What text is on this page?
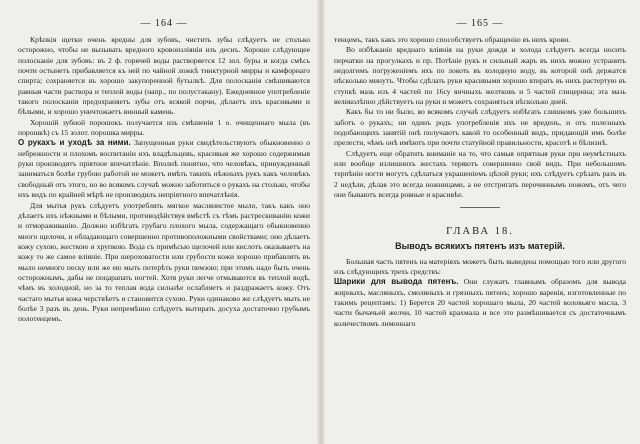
— 164 —

Крѣпкія щетки очень вредны для зубовъ, чистить зубы слѣдуетъ не столько осторожно, чтобы не вызывать вредного кровоизліянія изъ деснъ. Хорошо слѣдующее полосканіе для зубовъ: въ 2 ф. горячей воды растворяется 12 зол. буры и когда смѣсь почти остынетъ прибавляется къ ней по чайной ложкѣ тинктурной мирры и камфорнаго спирта; сохраняется въ хорошо закупоренной бутылкѣ. Для полосканія смѣшиваются равныя части раствора и теплой воды (напр., по полустакану). Ежедневное употребленіе такого полосканія предохраняетъ зубы отъ всякой порчи, дѣлаетъ ихъ красивыми и бѣлыми, и хорошо уничтожаетъ винный камень.

Хорошій зубной порошокъ получается изъ смѣшенія 1 о. очищеннаго мыла (въ порошкѣ) съ 15 золот. порошка мирры.

О рукахъ и уходѣ за ними. Запущенныя руки свидѣтельствуютъ обыкновенно о небрежности и плохомъ воспитаніи ихъ владѣльцевъ, красивыя же хорошо содержимыя руки производятъ пріятное впечатлѣніе. Вполнѣ понятно, что человѣкъ, принужденный заниматься болѣе грубою работой не можетъ имѣть такихъ нѣжныхъ рукъ какъ человѣкъ свободный отъ этого, но во всякомъ случаѣ можно заботиться о рукахъ на столько, чтобы ихъ видъ по крайней мѣрѣ не производилъ непріятного впечатлѣнія.

Для мытья рукъ слѣдуетъ употреблять мягкое маслянистое мыло, такъ какъ оно дѣлаетъ ихъ нѣжными и бѣлыми, противодѣйствуя вмѣстѣ съ тѣмъ растрескиванію кожи и отмораживанію. Должно избѣгать грубаго плохого мыла, содержащаго обыкновенно много щелочи, и обладающаго совершенно противоположными свойствами; оно дѣлаетъ кожу сухою, жесткою и хрупкою. Вода съ примѣсью щелочей или кислотъ оказываетъ на кожу то же самое вліяніе. При шероховатости или грубости кожи хорошо прибавлять въ мыло немного песку или же ею мыть потерѣть руки пемзою; при этомъ надо быть очень осторожнымъ, дабы не поцарапать ногтей. Хотя руки легче отмываются въ теплой водѣ, чѣмъ въ холодной, но за то теплая вода сильнѣе ослабляетъ и раздражаетъ кожу. Отъ частаго мытья кожа черствѣетъ и становится сухою. Руки одинаково же слѣдуетъ мыть не болѣе 3 разъ въ день. Руки непремѣнно слѣдуетъ вытирать досуха достаточно грубымъ полотенцемъ.

— 165 —

тенцемъ, такъ какъ это хорошо способствуетъ обращенію въ нихъ крови.

Во избѣжаніе вреднаго вліянія на руки дождя и холода слѣдуетъ всегда носить перчатки на прогулкахъ и пр. Потѣніе рукъ и сильный жаръ въ нихъ можно устранить недолгимъ погруженіемъ ихъ по локоть въ холодную воду, въ которой онѣ держатся нѣсколько минутъ. Чтобы сдѣлать руки красивыми хорошо втирать въ нихъ растертую въ ступкѣ мазь изъ 4 частей по 16су яичныхъ желтковъ и 5 частей глицерина; эта мазь великолѣпно дѣйствуетъ на руки и можетъ сохраняться нѣсколько дней.

Какъ бы то ни было, во всякомъ случаѣ слѣдуетъ избѣгать слишкомъ уже большихъ заботъ о рукахъ; ни одинъ родъ употребленія ихъ не вреденъ, и отъ полезныхъ подобающихъ занятій онѣ получаютъ какой то особенный видъ, придающій имъ болѣе прелести, чѣмъ онѣ имѣютъ при почти статуйной правильности, красотѣ и бѣлизнѣ.

Слѣдуетъ еще обратить вниманіе на то, что самыя опрятныя руки при неумѣстныхъ или вообще излишнихъ жестахъ теряютъ совершенно свой видъ. При небольшомъ терпѣніи ногти могутъ сдѣлаться украшеніемъ цѣлой руки; ихъ слѣдуетъ срѣзать разъ въ 2 недѣли, дѣлая это всегда ножницами, а не отстригать перочиннымъ ножомъ, отъ чего они бываютъ всегда ровные и красивѣе.

ГЛАВА 18.
Выводъ всякихъ пятенъ изъ матерій.

Большая часть пятенъ на матеріяхъ можетъ быть выведена помощью того или другого изъ слѣдующихъ трехъ средствъ:

Шарики для вывода пятенъ. Они служатъ главнымъ образомъ для вывода жирныхъ, масляныхъ, смоляныхъ и грязныхъ пятенъ; хорошо варенія, изготовленные по такимъ рецептамъ: 1) Берется 20 частей хорошаго мыла, 20 частей воловьяго масла, 3 части бычачьей желчи, 10 частей крахмала и все это размѣшивается съ достаточнымъ количествомъ лимоннаго
